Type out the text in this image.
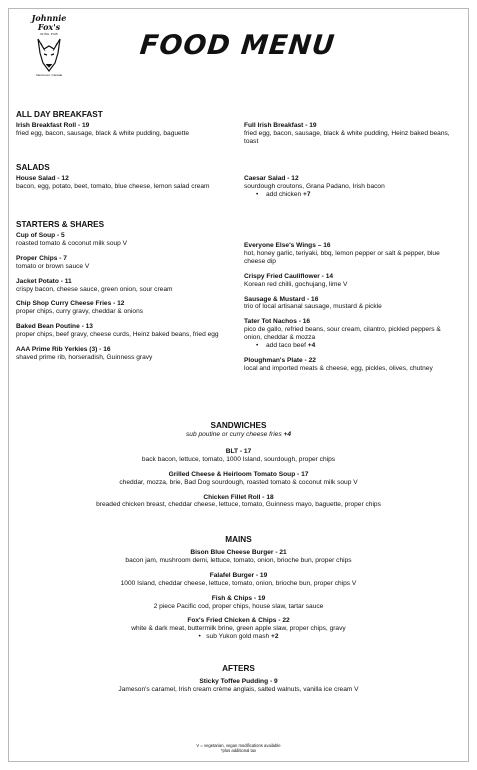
Johnnie Fox's
IRISH PUB
Vancouver, Canada
FOOD MENU
ALL DAY BREAKFAST
Irish Breakfast Roll - 19
fried egg, bacon, sausage, black & white pudding, baguette
Full Irish Breakfast - 19
fried egg, bacon, sausage, black & white pudding, Heinz baked beans, toast
SALADS
House Salad - 12
bacon, egg, potato, beet, tomato, blue cheese, lemon salad cream
Caesar Salad - 12
sourdough croutons, Grana Padano, Irish bacon
• add chicken +7
STARTERS & SHARES
Cup of Soup - 5
roasted tomato & coconut milk soup V
Proper Chips - 7
tomato or brown sauce V
Jacket Potato - 11
crispy bacon, cheese sauce, green onion, sour cream
Chip Shop Curry Cheese Fries - 12
proper chips, curry gravy, cheddar & onions
Baked Bean Poutine - 13
proper chips, beef gravy, cheese curds, Heinz baked beans, fried egg
AAA Prime Rib Yerkies (3) - 16
shaved prime rib, horseradish, Guinness gravy
Everyone Else's Wings – 16
hot, honey garlic, teriyaki, bbq, lemon pepper or salt & pepper, blue cheese dip
Crispy Fried Cauliflower - 14
Korean red chilli, gochujang, lime V
Sausage & Mustard - 16
trio of local artisanal sausage, mustard & pickle
Tater Tot Nachos - 16
pico de gallo, refried beans, sour cream, cilantro, pickled peppers & onion, cheddar & mozza
• add taco beef +4
Ploughman's Plate - 22
local and imported meats & cheese, egg, pickles, olives, chutney
SANDWICHES
sub poutine or curry cheese fries +4
BLT - 17
back bacon, lettuce, tomato, 1000 Island, sourdough, proper chips
Grilled Cheese & Heirloom Tomato Soup - 17
cheddar, mozza, brie, Bad Dog sourdough, roasted tomato & coconut milk soup V
Chicken Fillet Roll - 18
breaded chicken breast, cheddar cheese, lettuce, tomato, Guinness mayo, baguette, proper chips
MAINS
Bison Blue Cheese Burger - 21
bacon jam, mushroom demi, lettuce, tomato, onion, brioche bun, proper chips
Falafel Burger - 19
1000 Island, cheddar cheese, lettuce, tomato, onion, brioche bun, proper chips V
Fish & Chips - 19
2 piece Pacific cod, proper chips, house slaw, tartar sauce
Fox's Fried Chicken & Chips - 22
white & dark meat, buttermilk brine, green apple slaw, proper chips, gravy
•   sub Yukon gold mash +2
AFTERS
Sticky Toffee Pudding - 9
Jameson's caramel, Irish cream crème anglais, salted walnuts, vanilla ice cream V
V = vegetarian, vegan modifications available
*plus additional tax
